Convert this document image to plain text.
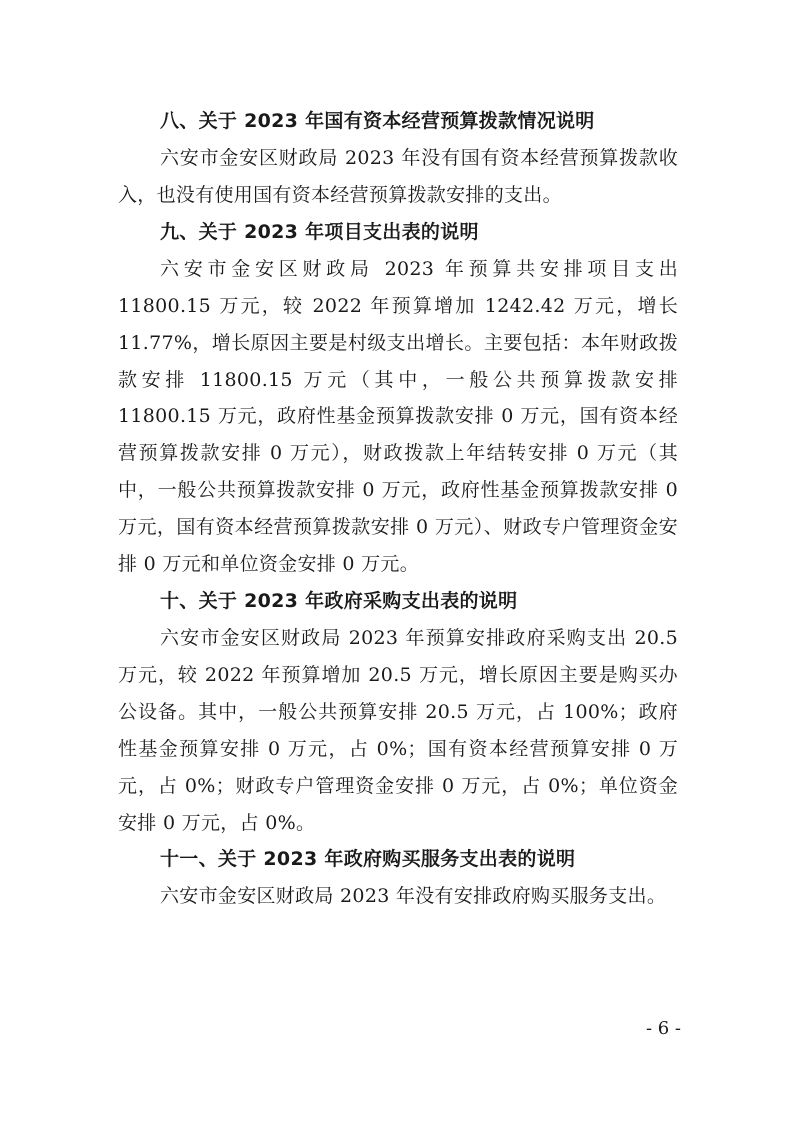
八、关于 2023 年国有资本经营预算拨款情况说明

六安市金安区财政局 2023 年没有国有资本经营预算拨款收入，也没有使用国有资本经营预算拨款安排的支出。

九、关于 2023 年项目支出表的说明

六安市金安区财政局 2023 年预算共安排项目支出 11800.15 万元，较 2022 年预算增加 1242.42 万元，增长 11.77%，增长原因主要是村级支出增长。主要包括：本年财政拨款安排 11800.15 万元（其中，一般公共预算拨款安排 11800.15 万元，政府性基金预算拨款安排 0 万元，国有资本经营预算拨款安排 0 万元），财政拨款上年结转安排 0 万元（其中，一般公共预算拨款安排 0 万元，政府性基金预算拨款安排 0 万元，国有资本经营预算拨款安排 0 万元）、财政专户管理资金安排 0 万元和单位资金安排 0 万元。

十、关于 2023 年政府采购支出表的说明

六安市金安区财政局 2023 年预算安排政府采购支出 20.5 万元，较 2022 年预算增加 20.5 万元，增长原因主要是购买办公设备。其中，一般公共预算安排 20.5 万元，占 100%；政府性基金预算安排 0 万元，占 0%；国有资本经营预算安排 0 万元，占 0%；财政专户管理资金安排 0 万元，占 0%；单位资金安排 0 万元，占 0%。

十一、关于 2023 年政府购买服务支出表的说明

六安市金安区财政局 2023 年没有安排政府购买服务支出。

- 6 -
